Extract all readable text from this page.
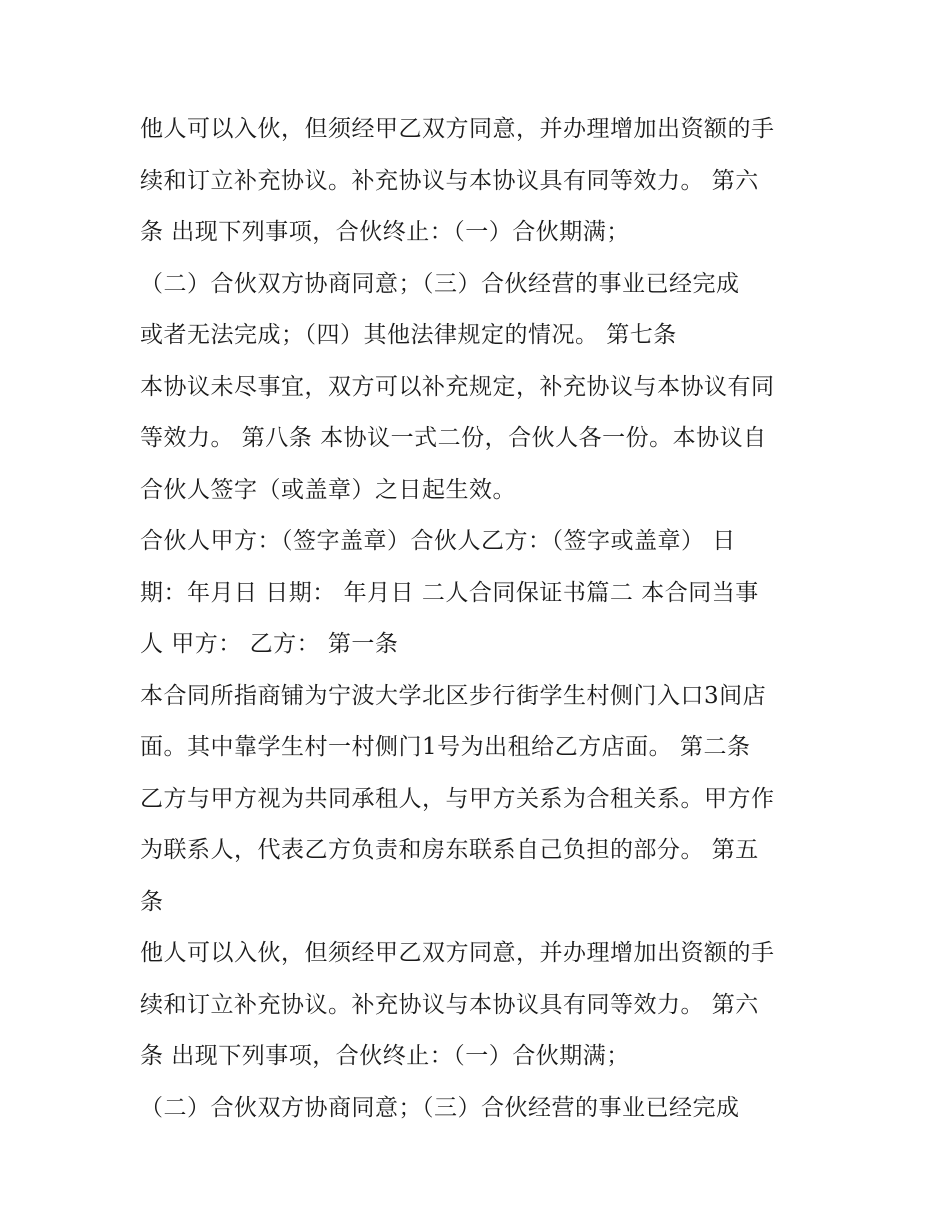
他人可以入伙，但须经甲乙双方同意，并办理增加出资额的手
续和订立补充协议。补充协议与本协议具有同等效力。 第六
条 出现下列事项，合伙终止：（一）合伙期满；
（二）合伙双方协商同意；（三）合伙经营的事业已经完成
或者无法完成；（四）其他法律规定的情况。 第七条
本协议未尽事宜，双方可以补充规定，补充协议与本协议有同
等效力。 第八条 本协议一式二份，合伙人各一份。本协议自
合伙人签字（或盖章）之日起生效。
合伙人甲方：（签字盖章）合伙人乙方：（签字或盖章） 日
期：年月日 日期： 年月日 二人合同保证书篇二 本合同当事
人 甲方： 乙方： 第一条
本合同所指商铺为宁波大学北区步行街学生村侧门入口3间店
面。其中靠学生村一村侧门1号为出租给乙方店面。 第二条
乙方与甲方视为共同承租人，与甲方关系为合租关系。甲方作
为联系人，代表乙方负责和房东联系自己负担的部分。 第五
条
他人可以入伙，但须经甲乙双方同意，并办理增加出资额的手
续和订立补充协议。补充协议与本协议具有同等效力。 第六
条 出现下列事项，合伙终止：（一）合伙期满；
（二）合伙双方协商同意；（三）合伙经营的事业已经完成
